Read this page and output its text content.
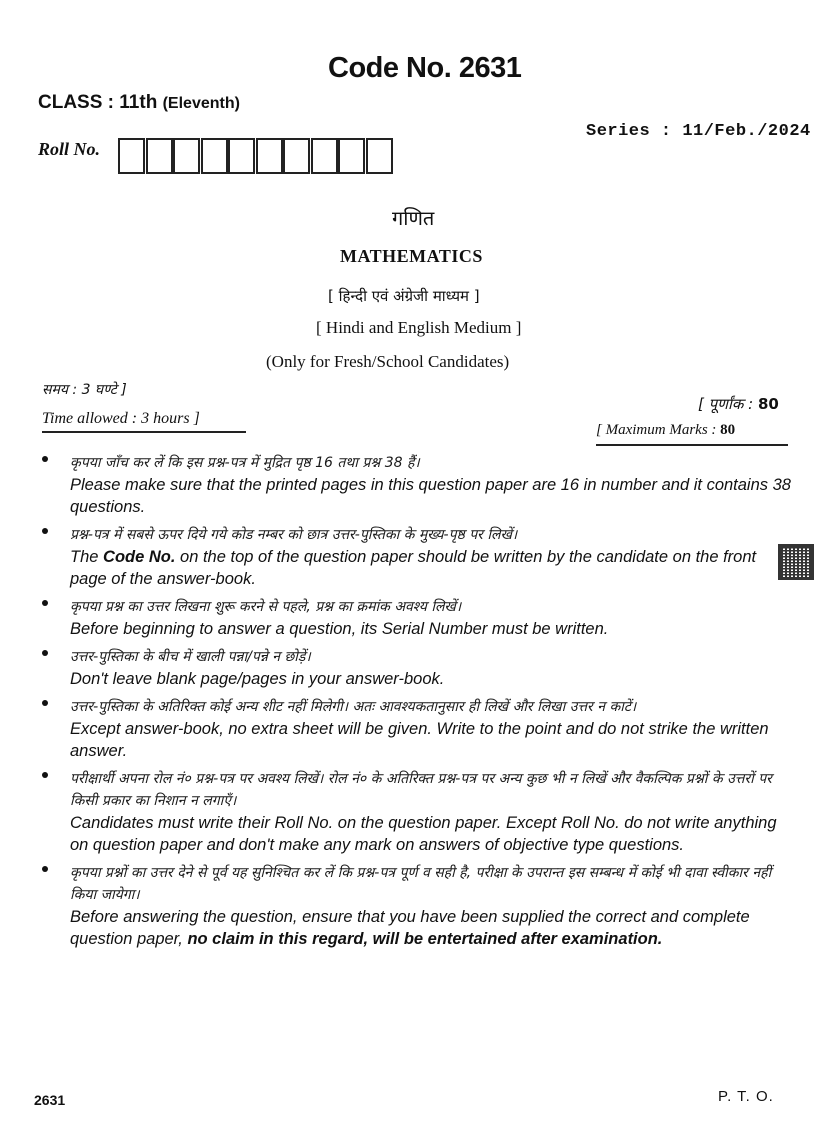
Code No. 2631
CLASS : 11th (Eleventh)
Series : 11/Feb./2024
Roll No.
गणित
MATHEMATICS
[ हिन्दी एवं अंग्रेजी माध्यम ]
[ Hindi and English Medium ]
(Only for Fresh/School Candidates)
समय : 3 घण्टे ]
Time allowed : 3 hours ]
[ पूर्णांक : 80
[ Maximum Marks : 80
कृपया जाँच कर लें कि इस प्रश्न-पत्र में मुद्रित पृष्ठ 16 तथा प्रश्न 38 हैं।
Please make sure that the printed pages in this question paper are 16 in number and it contains 38 questions.
प्रश्न-पत्र में सबसे ऊपर दिये गये कोड नम्बर को छात्र उत्तर-पुस्तिका के मुख्य-पृष्ठ पर लिखें।
The Code No. on the top of the question paper should be written by the candidate on the front page of the answer-book.
कृपया प्रश्न का उत्तर लिखना शुरू करने से पहले, प्रश्न का क्रमांक अवश्य लिखें।
Before beginning to answer a question, its Serial Number must be written.
उत्तर-पुस्तिका के बीच में खाली पन्ना/पन्ने न छोड़ें।
Don't leave blank page/pages in your answer-book.
उत्तर-पुस्तिका के अतिरिक्त कोई अन्य शीट नहीं मिलेगी। अतः आवश्यकतानुसार ही लिखें और लिखा उत्तर न काटें।
Except answer-book, no extra sheet will be given. Write to the point and do not strike the written answer.
परीक्षार्थी अपना रोल नं० प्रश्न-पत्र पर अवश्य लिखें। रोल नं० के अतिरिक्त प्रश्न-पत्र पर अन्य कुछ भी न लिखें और वैकल्पिक प्रश्नों के उत्तरों पर किसी प्रकार का निशान न लगाएँ।
Candidates must write their Roll No. on the question paper. Except Roll No. do not write anything on question paper and don't make any mark on answers of objective type questions.
कृपया प्रश्नों का उत्तर देने से पूर्व यह सुनिश्चित कर लें कि प्रश्न-पत्र पूर्ण व सही है, परीक्षा के उपरान्त इस सम्बन्ध में कोई भी दावा स्वीकार नहीं किया जायेगा।
Before answering the question, ensure that you have been supplied the correct and complete question paper, no claim in this regard, will be entertained after examination.
2631	P. T. O.
